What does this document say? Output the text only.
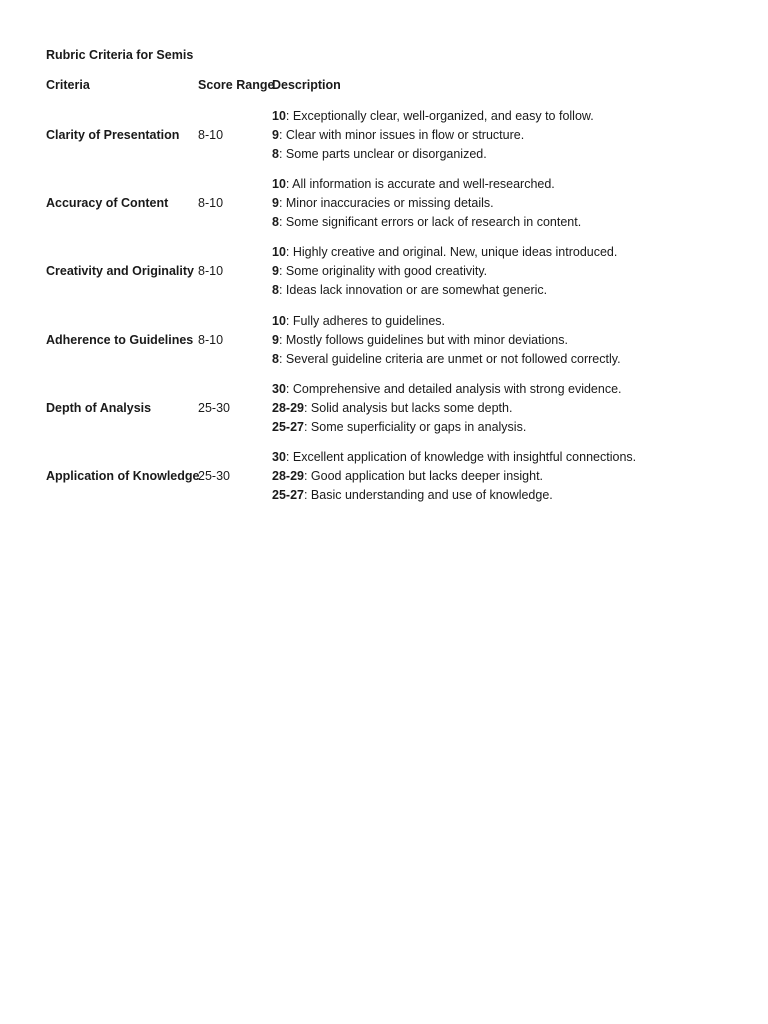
Rubric Criteria for Semis
Criteria	Score Range
Description
Clarity of Presentation 8-10
10: Exceptionally clear, well-organized, and easy to follow.
9: Clear with minor issues in flow or structure.
8: Some parts unclear or disorganized.
Accuracy of Content 8-10
10: All information is accurate and well-researched.
9: Minor inaccuracies or missing details.
8: Some significant errors or lack of research in content.
Creativity and Originality 8-10
10: Highly creative and original. New, unique ideas introduced.
9: Some originality with good creativity.
8: Ideas lack innovation or are somewhat generic.
Adherence to Guidelines 8-10
10: Fully adheres to guidelines.
9: Mostly follows guidelines but with minor deviations.
8: Several guideline criteria are unmet or not followed correctly.
Depth of Analysis	25-30
30: Comprehensive and detailed analysis with strong evidence.
28-29: Solid analysis but lacks some depth.
25-27: Some superficiality or gaps in analysis.
Application of Knowledge
25-30
30: Excellent application of knowledge with insightful connections.
28-29: Good application but lacks deeper insight.
25-27: Basic understanding and use of knowledge.
